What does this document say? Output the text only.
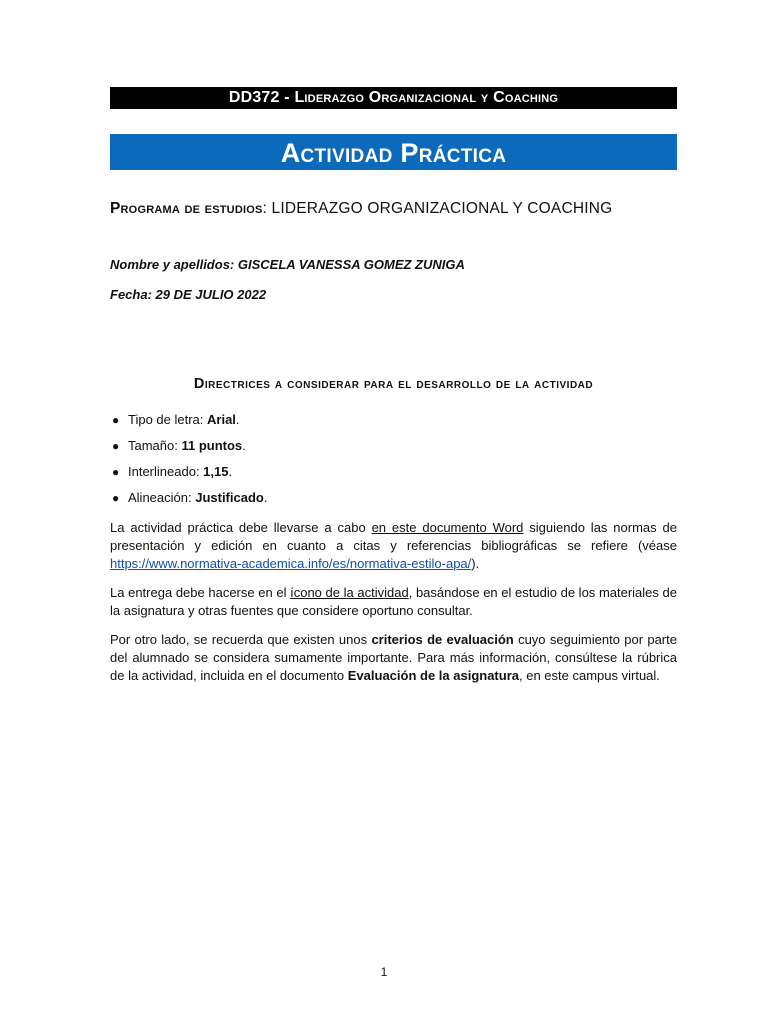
DD372 - Liderazgo Organizacional y Coaching
Actividad Práctica
Programa de estudios: LIDERAZGO ORGANIZACIONAL Y COACHING
Nombre y apellidos: GISCELA VANESSA GOMEZ ZUNIGA
Fecha: 29 DE JULIO 2022
Directrices a considerar para el desarrollo de la actividad
● Tipo de letra: Arial.
● Tamaño: 11 puntos.
● Interlineado: 1,15.
● Alineación: Justificado.

La actividad práctica debe llevarse a cabo en este documento Word siguiendo las normas de presentación y edición en cuanto a citas y referencias bibliográficas se refiere (véase https://www.normativa-academica.info/es/normativa-estilo-apa/).

La entrega debe hacerse en el ícono de la actividad, basándose en el estudio de los materiales de la asignatura y otras fuentes que considere oportuno consultar.

Por otro lado, se recuerda que existen unos criterios de evaluación cuyo seguimiento por parte del alumnado se considera sumamente importante. Para más información, consúltese la rúbrica de la actividad, incluida en el documento Evaluación de la asignatura, en este campus virtual.

1
